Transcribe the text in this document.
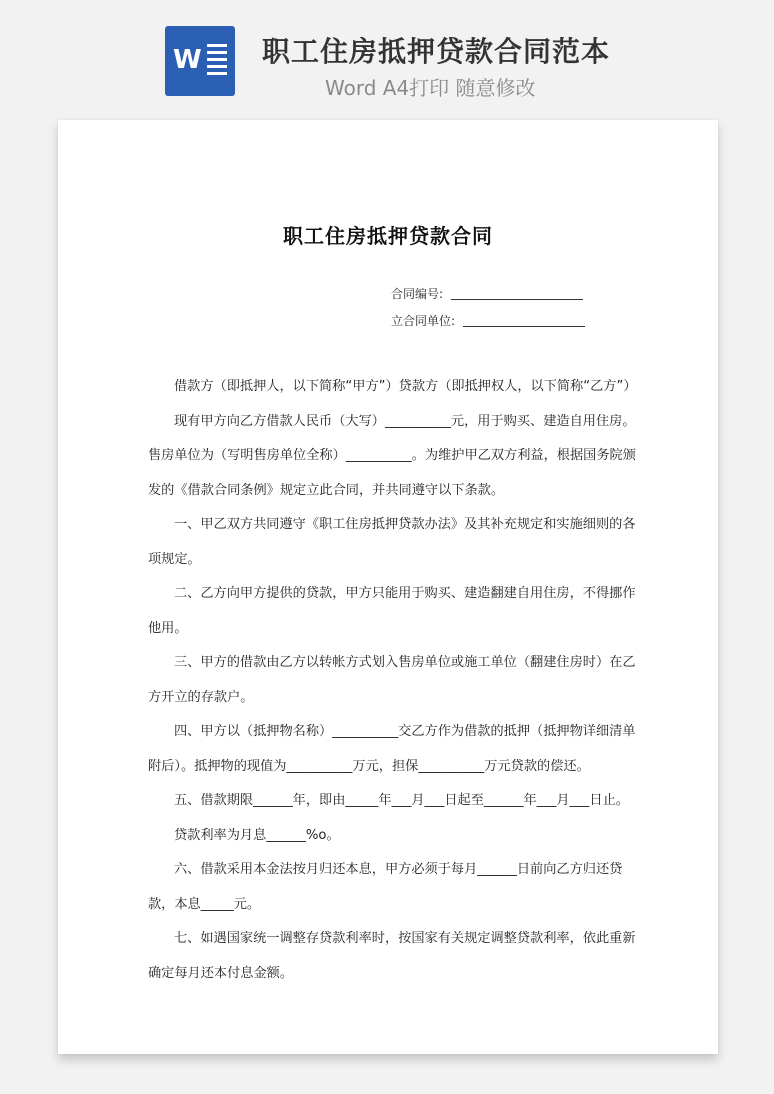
W 职工住房抵押贷款合同范本
Word A4打印 随意修改
职工住房抵押贷款合同
合同编号:
立合同单位:

借款方（即抵押人，以下简称“甲方”）贷款方（即抵押权人，以下简称“乙方”）

现有甲方向乙方借款人民币（大写）__________元，用于购买、建造自用住房。售房单位为（写明售房单位全称）__________。为维护甲乙双方利益，根据国务院颁发的《借款合同条例》规定立此合同，并共同遵守以下条款。

一、甲乙双方共同遵守《职工住房抵押贷款办法》及其补充规定和实施细则的各项规定。

二、乙方向甲方提供的贷款，甲方只能用于购买、建造翻建自用住房，不得挪作他用。

三、甲方的借款由乙方以转帐方式划入售房单位或施工单位（翻建住房时）在乙方开立的存款户。

四、甲方以（抵押物名称）__________交乙方作为借款的抵押（抵押物详细清单附后）。抵押物的现值为__________万元，担保__________万元贷款的偿还。

五、借款期限______年，即由_____年___月___日起至______年___月___日止。

贷款利率为月息______%o。

六、借款采用本金法按月归还本息，甲方必须于每月______日前向乙方归还贷款，本息_____元。

七、如遇国家统一调整存贷款利率时，按国家有关规定调整贷款利率，依此重新确定每月还本付息金额。
